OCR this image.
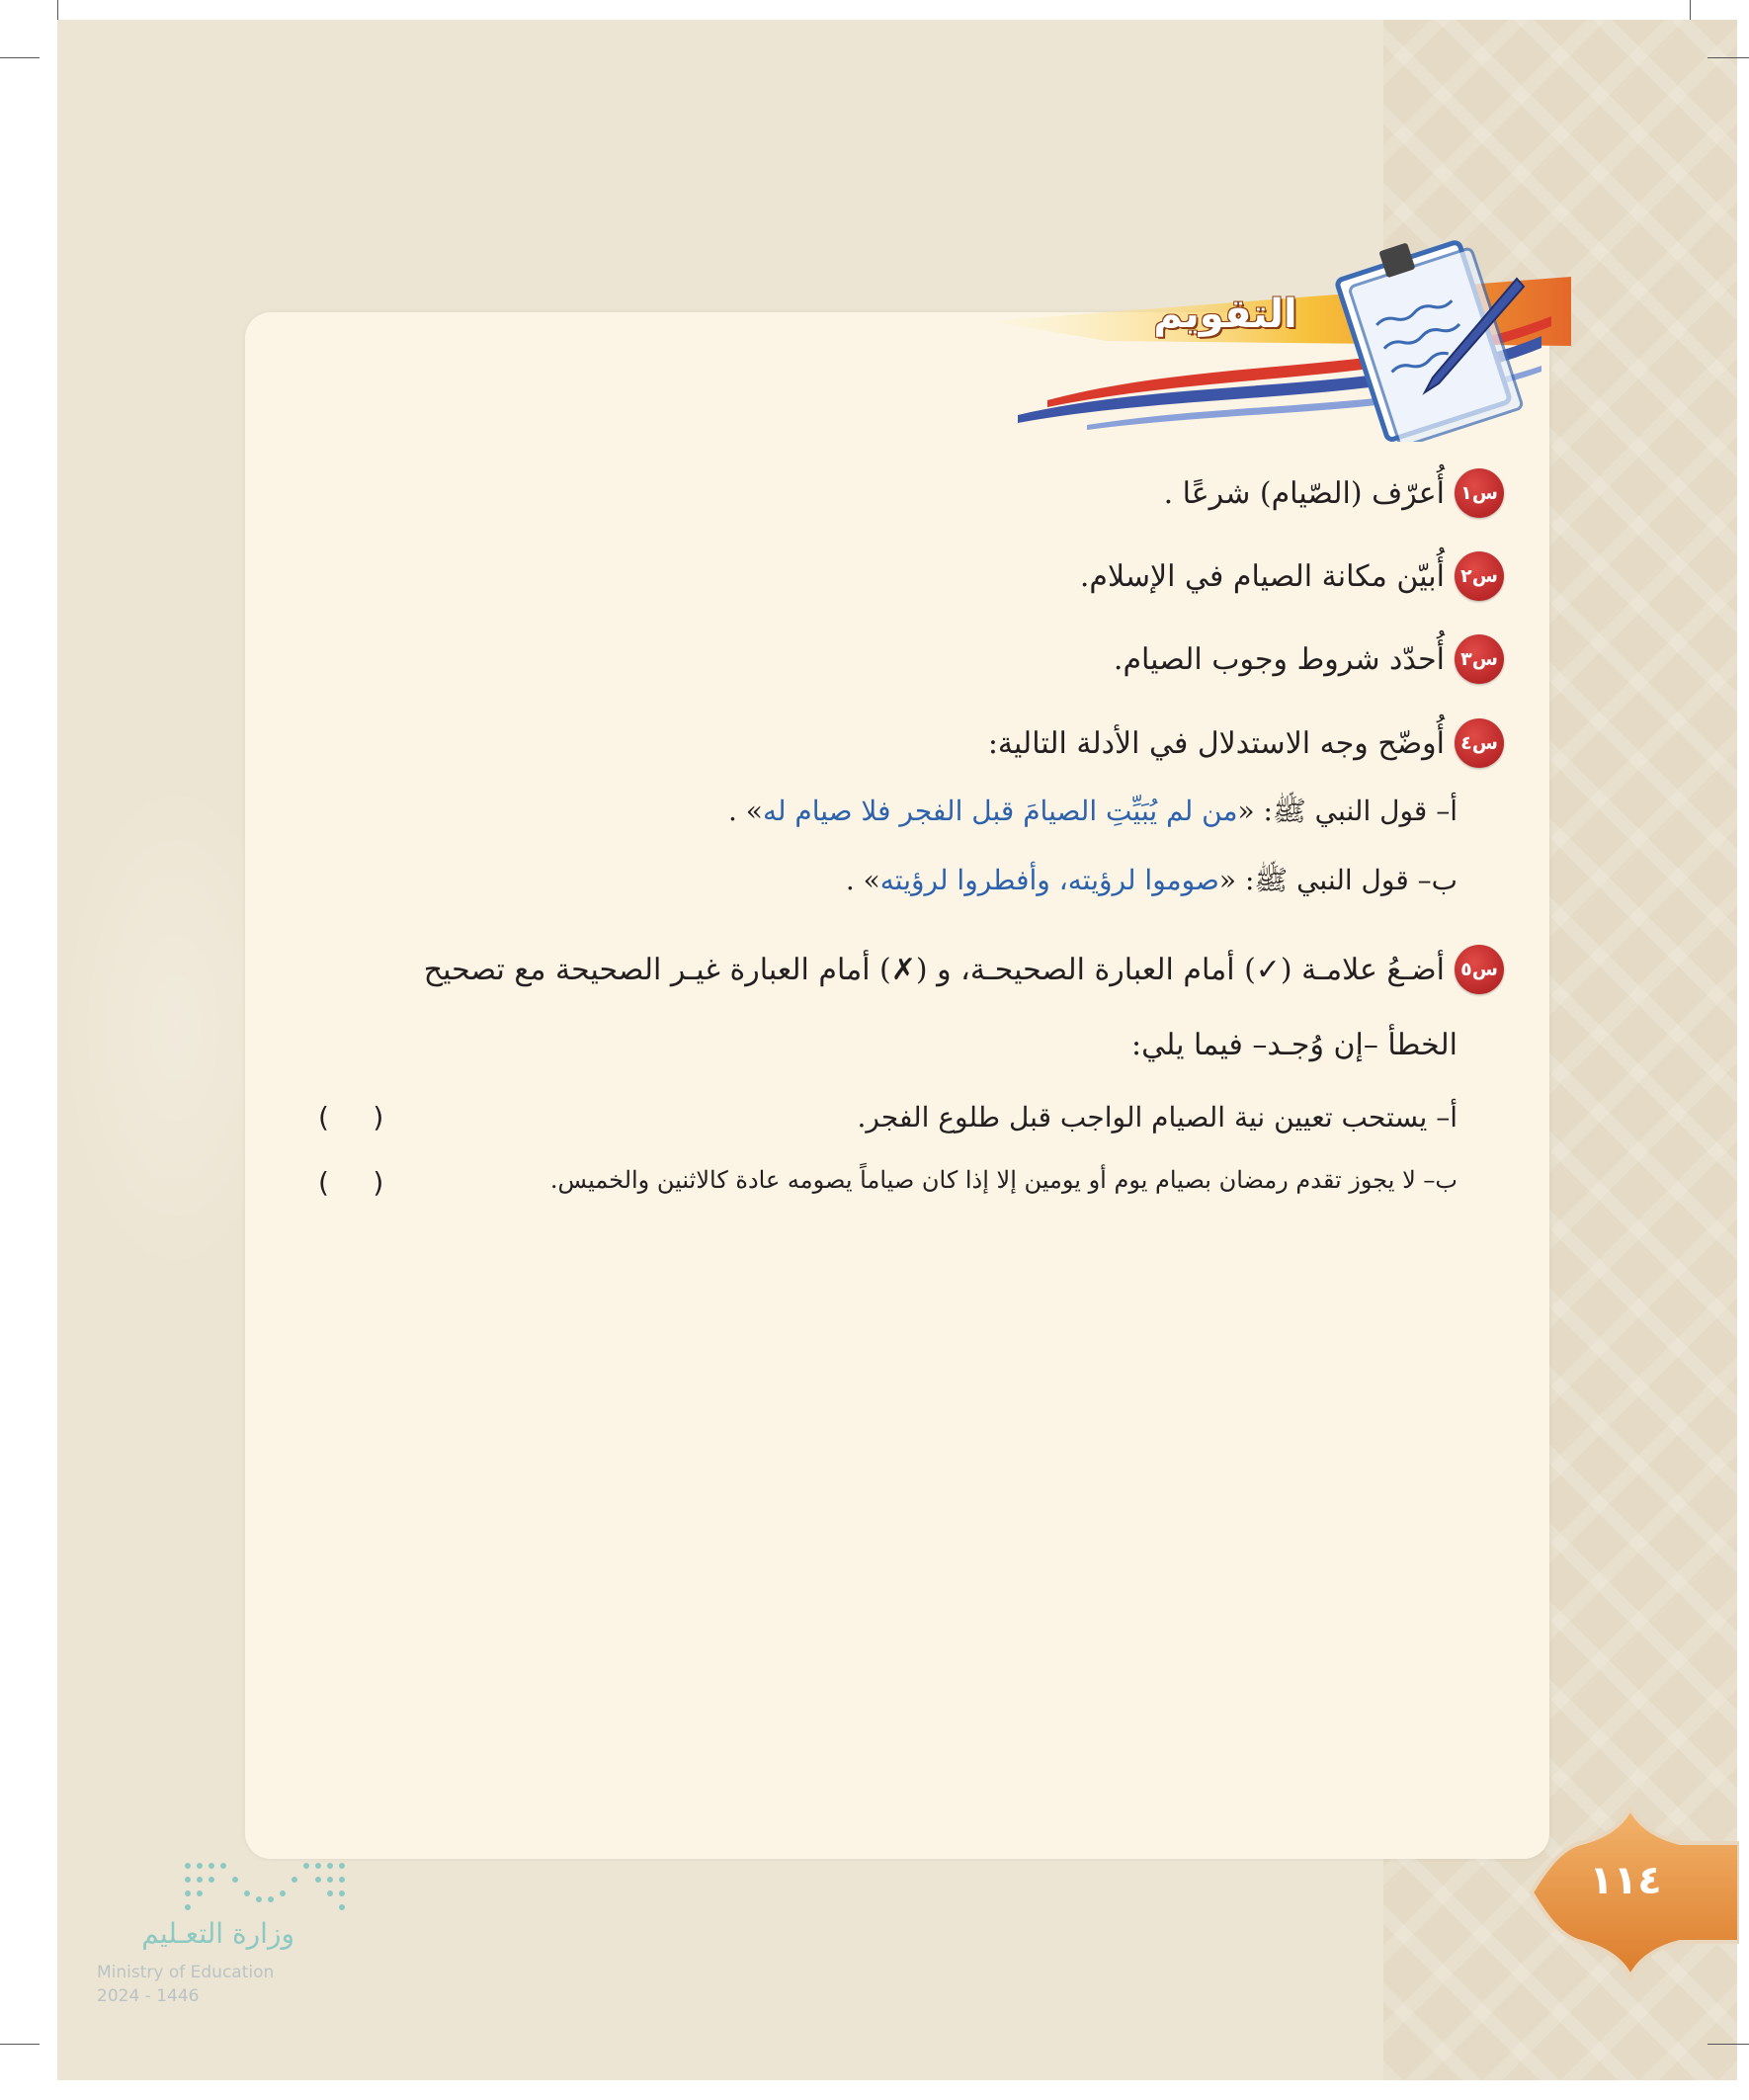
التقويم
س١
أُعرّف (الصّيام) شرعًا .
س٢
أُبيّن مكانة الصيام في الإسلام.
س٣
أُحدّد شروط وجوب الصيام.
س٤
أُوضّح وجه الاستدلال في الأدلة التالية:
أ– قول النبي ﷺ: «من لم يُبَيِّتِ الصيامَ قبل الفجر فلا صيام له» .
ب– قول النبي ﷺ: «صوموا لرؤيته، وأفطروا لرؤيته» .
س٥
أضـعُ علامـة (✓) أمام العبارة الصحيحـة، و (✗) أمام العبارة غيـر الصحيحة مع تصحيح
الخطأ –إن وُجـد– فيما يلي:
أ– يستحب تعيين نية الصيام الواجب قبل طلوع الفجر.
(     )
ب– لا يجوز تقدم رمضان بصيام يوم أو يومين إلا إذا كان صياماً يصومه عادة كالاثنين والخميس.
(     )
١١٤
وزارة التعـليم
Ministry of Education
2024 - 1446
